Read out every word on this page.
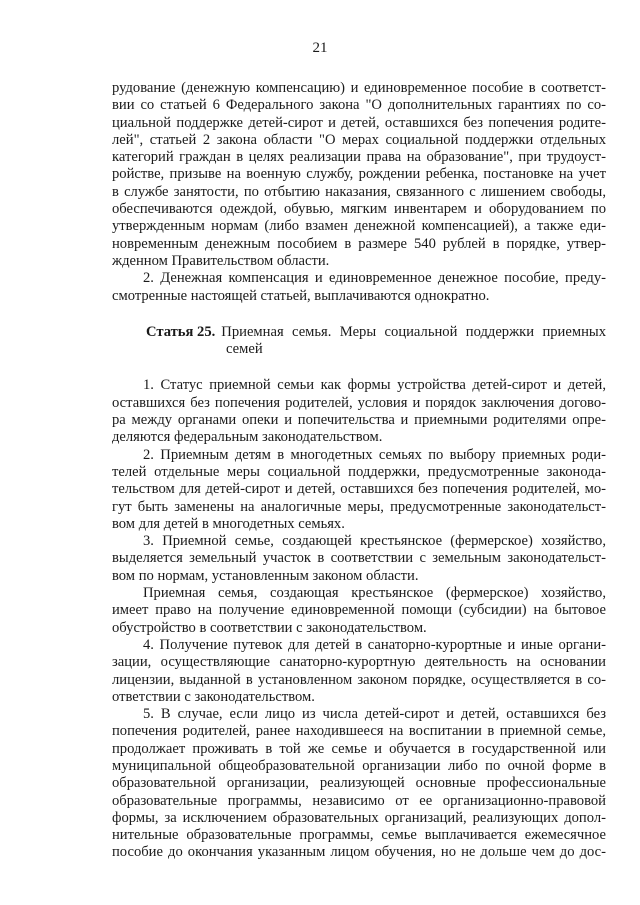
21
рудование (денежную компенсацию) и единовременное пособие в соответст-
вии со статьей 6 Федерального закона "О дополнительных гарантиях по со-
циальной поддержке детей-сирот и детей, оставшихся без попечения родите-
лей", статьей 2 закона области "О мерах социальной поддержки отдельных
категорий граждан в целях реализации права на образование", при трудоуст-
ройстве, призыве на военную службу, рождении ребенка, постановке на учет
в службе занятости, по отбытию наказания, связанного с лишением свободы,
обеспечиваются одеждой, обувью, мягким инвентарем и оборудованием по
утвержденным нормам (либо взамен денежной компенсацией), а также еди-
новременным денежным пособием в размере 540 рублей в порядке, утвер-
жденном Правительством области.
2. Денежная компенсация и единовременное денежное пособие, преду-
смотренные настоящей статьей, выплачиваются однократно.
Статья 25. Приемная семья. Меры социальной поддержки приемных
семей
1. Статус приемной семьи как формы устройства детей-сирот и детей,
оставшихся без попечения родителей, условия и порядок заключения догово-
ра между органами опеки и попечительства и приемными родителями опре-
деляются федеральным законодательством.
2. Приемным детям в многодетных семьях по выбору приемных роди-
телей отдельные меры социальной поддержки, предусмотренные законода-
тельством для детей-сирот и детей, оставшихся без попечения родителей, мо-
гут быть заменены на аналогичные меры, предусмотренные законодательст-
вом для детей в многодетных семьях.
3. Приемной семье, создающей крестьянское (фермерское) хозяйство,
выделяется земельный участок в соответствии с земельным законодательст-
вом по нормам, установленным законом области.
Приемная семья, создающая крестьянское (фермерское) хозяйство,
имеет право на получение единовременной помощи (субсидии) на бытовое
обустройство в соответствии с законодательством.
4. Получение путевок для детей в санаторно-курортные и иные органи-
зации, осуществляющие санаторно-курортную деятельность на основании
лицензии, выданной в установленном законом порядке, осуществляется в со-
ответствии с законодательством.
5. В случае, если лицо из числа детей-сирот и детей, оставшихся без
попечения родителей, ранее находившееся на воспитании в приемной семье,
продолжает проживать в той же семье и обучается в государственной или
муниципальной общеобразовательной организации либо по очной форме в
образовательной организации, реализующей основные профессиональные
образовательные программы, независимо от ее организационно-правовой
формы, за исключением образовательных организаций, реализующих допол-
нительные образовательные программы, семье выплачивается ежемесячное
пособие до окончания указанным лицом обучения, но не дольше чем до дос-
